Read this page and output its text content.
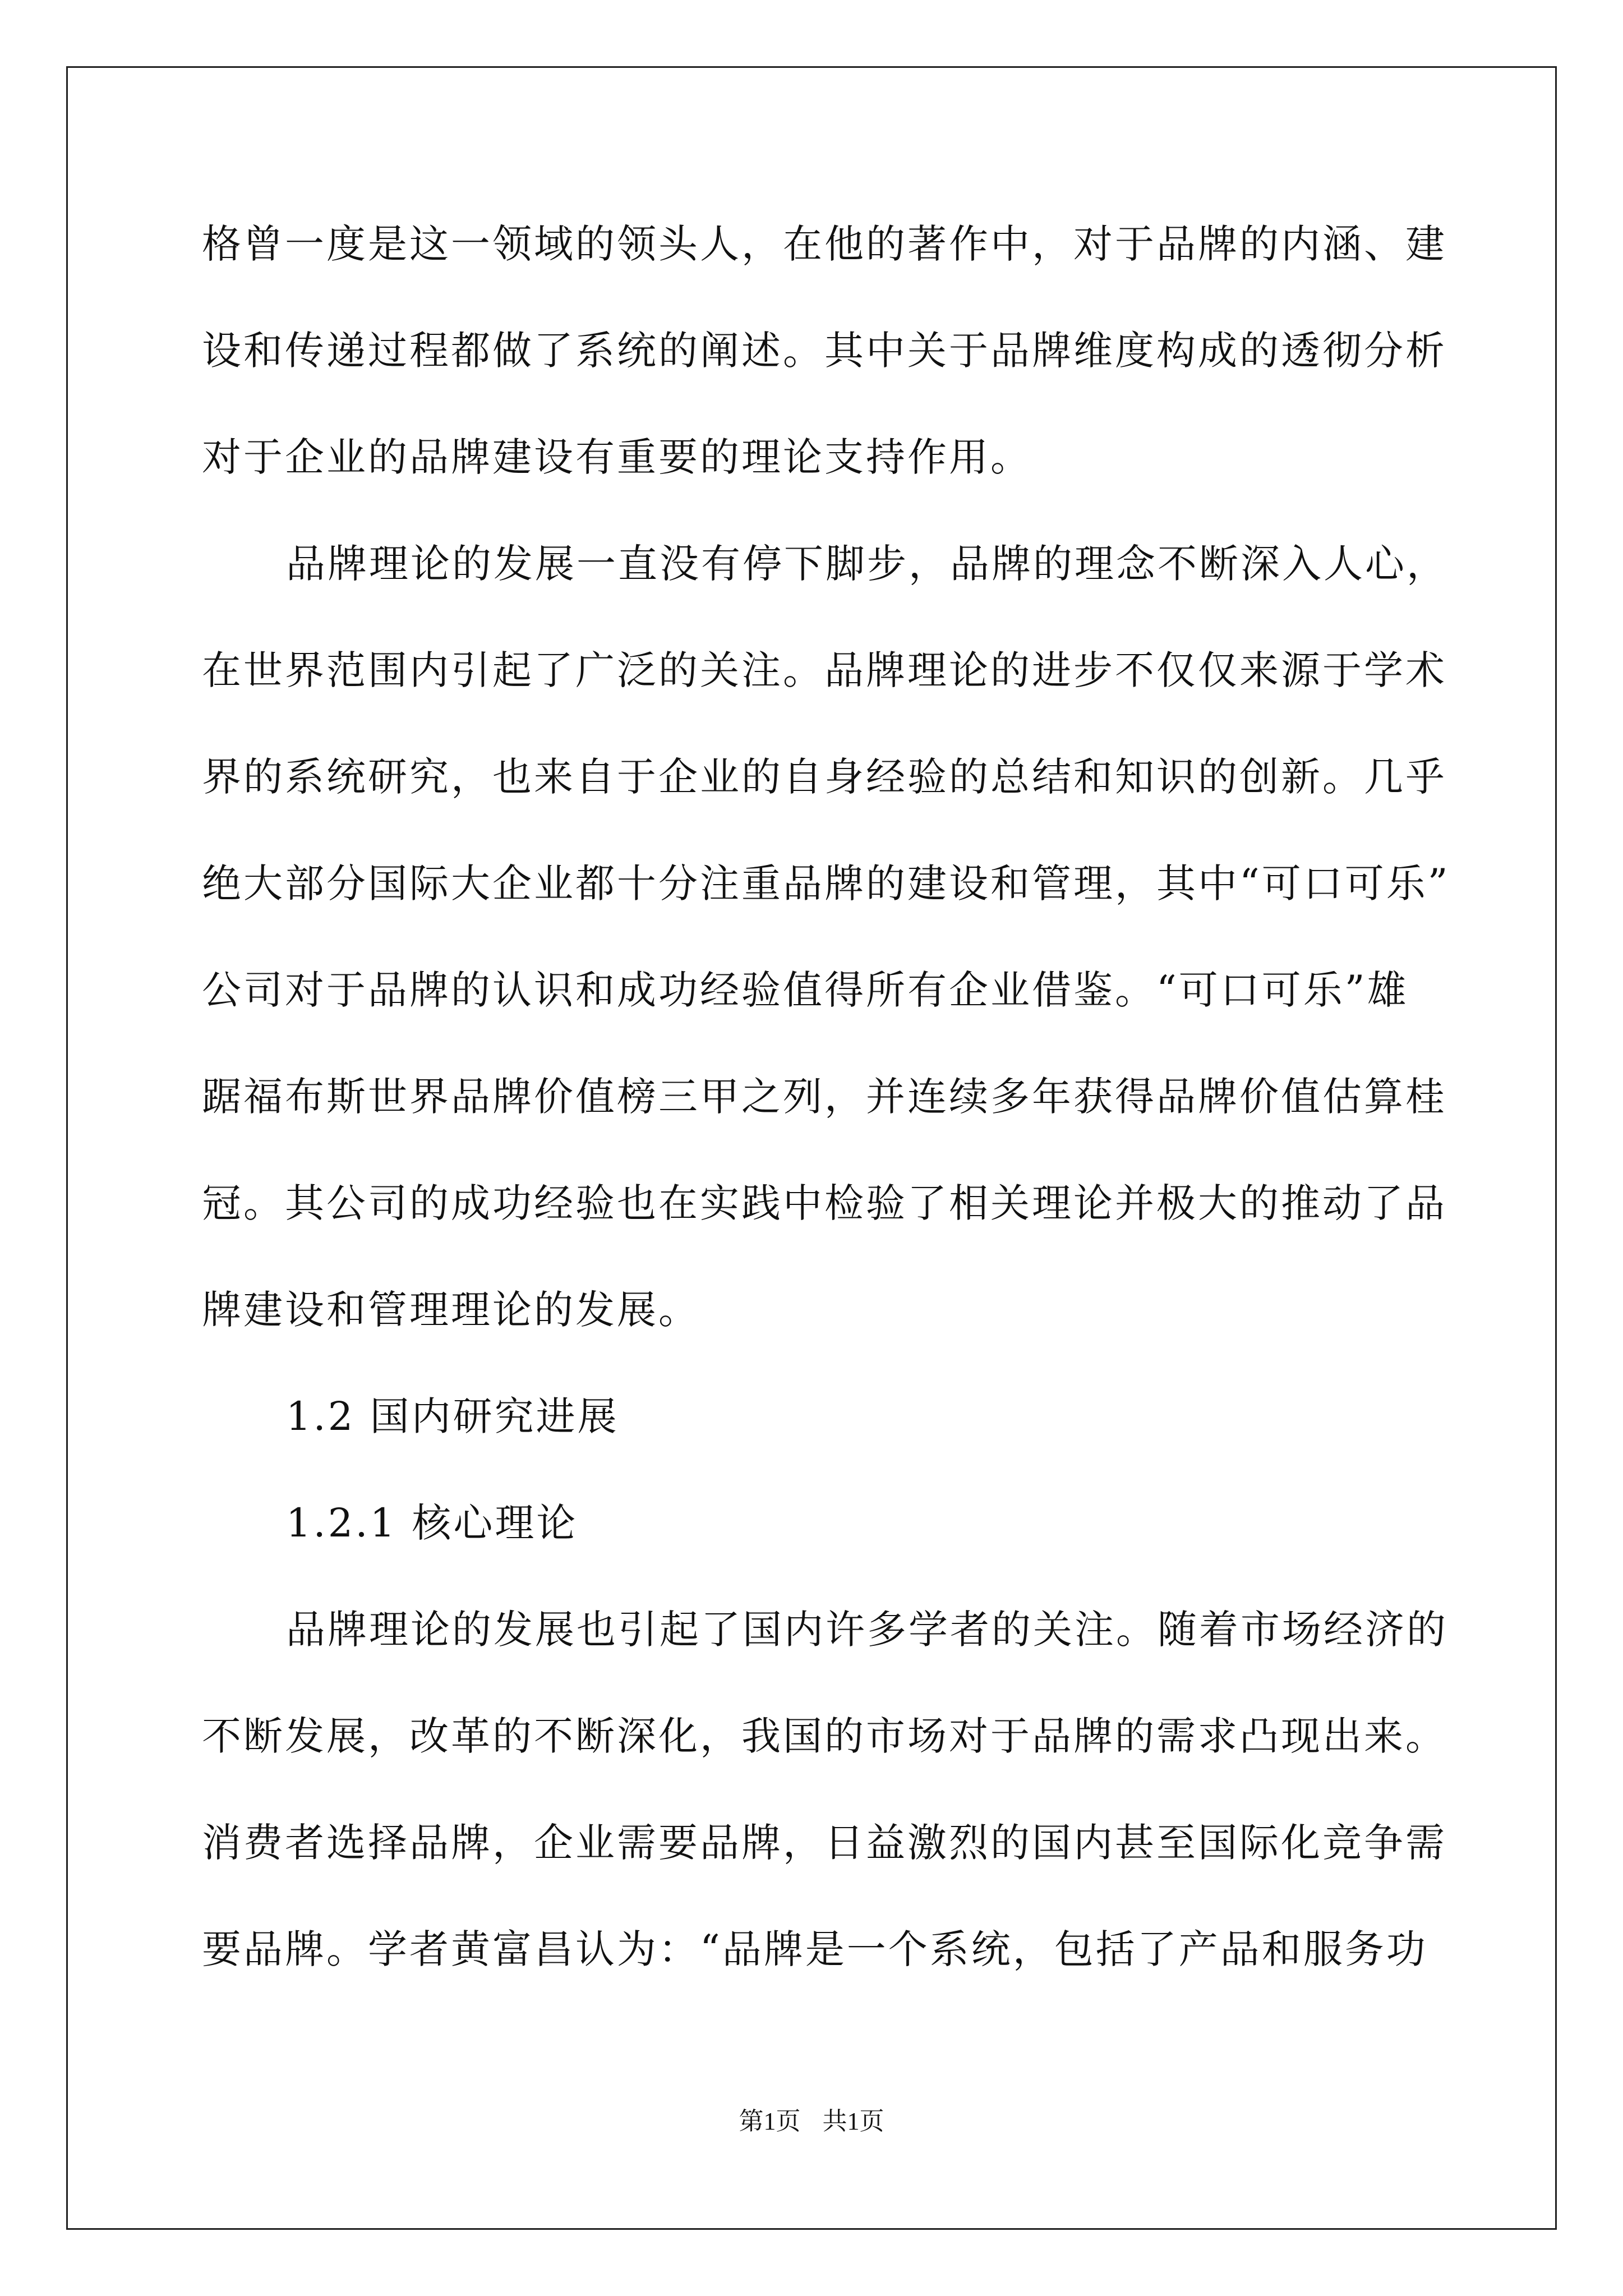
格曾一度是这一领域的领头人，在他的著作中，对于品牌的内涵、建
设和传递过程都做了系统的阐述。其中关于品牌维度构成的透彻分析
对于企业的品牌建设有重要的理论支持作用。
品牌理论的发展一直没有停下脚步，品牌的理念不断深入人心，
在世界范围内引起了广泛的关注。品牌理论的进步不仅仅来源于学术
界的系统研究，也来自于企业的自身经验的总结和知识的创新。几乎
绝大部分国际大企业都十分注重品牌的建设和管理，其中“可口可乐”
公司对于品牌的认识和成功经验值得所有企业借鉴。“可口可乐”雄
踞福布斯世界品牌价值榜三甲之列，并连续多年获得品牌价值估算桂
冠。其公司的成功经验也在实践中检验了相关理论并极大的推动了品
牌建设和管理理论的发展。
1.2 国内研究进展
1.2.1 核心理论
品牌理论的发展也引起了国内许多学者的关注。随着市场经济的
不断发展，改革的不断深化，我国的市场对于品牌的需求凸现出来。
消费者选择品牌，企业需要品牌，日益激烈的国内甚至国际化竞争需
要品牌。学者黄富昌认为：“品牌是一个系统，包括了产品和服务功
第1页 共1页
